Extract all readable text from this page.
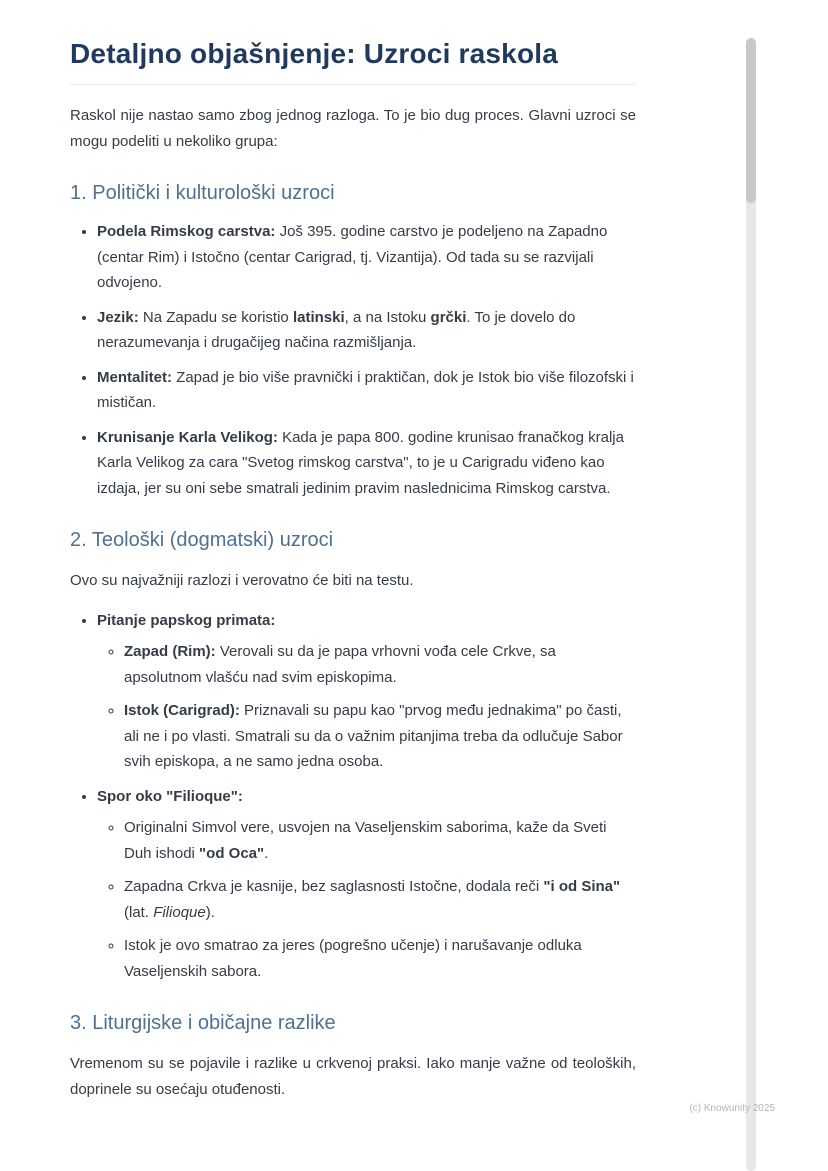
Detaljno objašnjenje: Uzroci raskola

Raskol nije nastao samo zbog jednog razloga. To je bio dug proces. Glavni uzroci se mogu podeliti u nekoliko grupa:

1. Politički i kulturološki uzroci
• Podela Rimskog carstva: Još 395. godine carstvo je podeljeno na Zapadno (centar Rim) i Istočno (centar Carigrad, tj. Vizantija). Od tada su se razvijali odvojeno.
• Jezik: Na Zapadu se koristio latinski, a na Istoku grčki. To je dovelo do nerazumevanja i drugačijeg načina razmišljanja.
• Mentalitet: Zapad je bio više pravnički i praktičan, dok je Istok bio više filozofski i mističan.
• Krunisanje Karla Velikog: Kada je papa 800. godine krunisao franačkog kralja Karla Velikog za cara "Svetog rimskog carstva", to je u Carigradu viđeno kao izdaja, jer su oni sebe smatrali jedinim pravim naslednicima Rimskog carstva.
2. Teološki (dogmatski) uzroci

Ovo su najvažniji razlozi i verovatno će biti na testu.

• Pitanje papskog primata:
◦ Zapad (Rim): Verovali su da je papa vrhovni vođa cele Crkve, sa apsolutnom vlašću nad svim episkopima.
◦ Istok (Carigrad): Priznavali su papu kao "prvog među jednakima" po časti, ali ne i po vlasti. Smatrali su da o važnim pitanjima treba da odlučuje Sabor svih episkopa, a ne samo jedna osoba.
• Spor oko "Filioque":
◦ Originalni Simvol vere, usvojen na Vaseljenskim saborima, kaže da Sveti Duh ishodi "od Oca".
◦ Zapadna Crkva je kasnije, bez saglasnosti Istočne, dodala reči "i od Sina" (lat. Filioque).
◦ Istok je ovo smatrao za jeres (pogrešno učenje) i narušavanje odluka Vaseljenskih sabora.
3. Liturgijske i običajne razlike

Vremenom su se pojavile i razlike u crkvenoj praksi. Iako manje važne od teoloških, doprinele su osećaju otuđenosti.

(c) Knowunity 2025
